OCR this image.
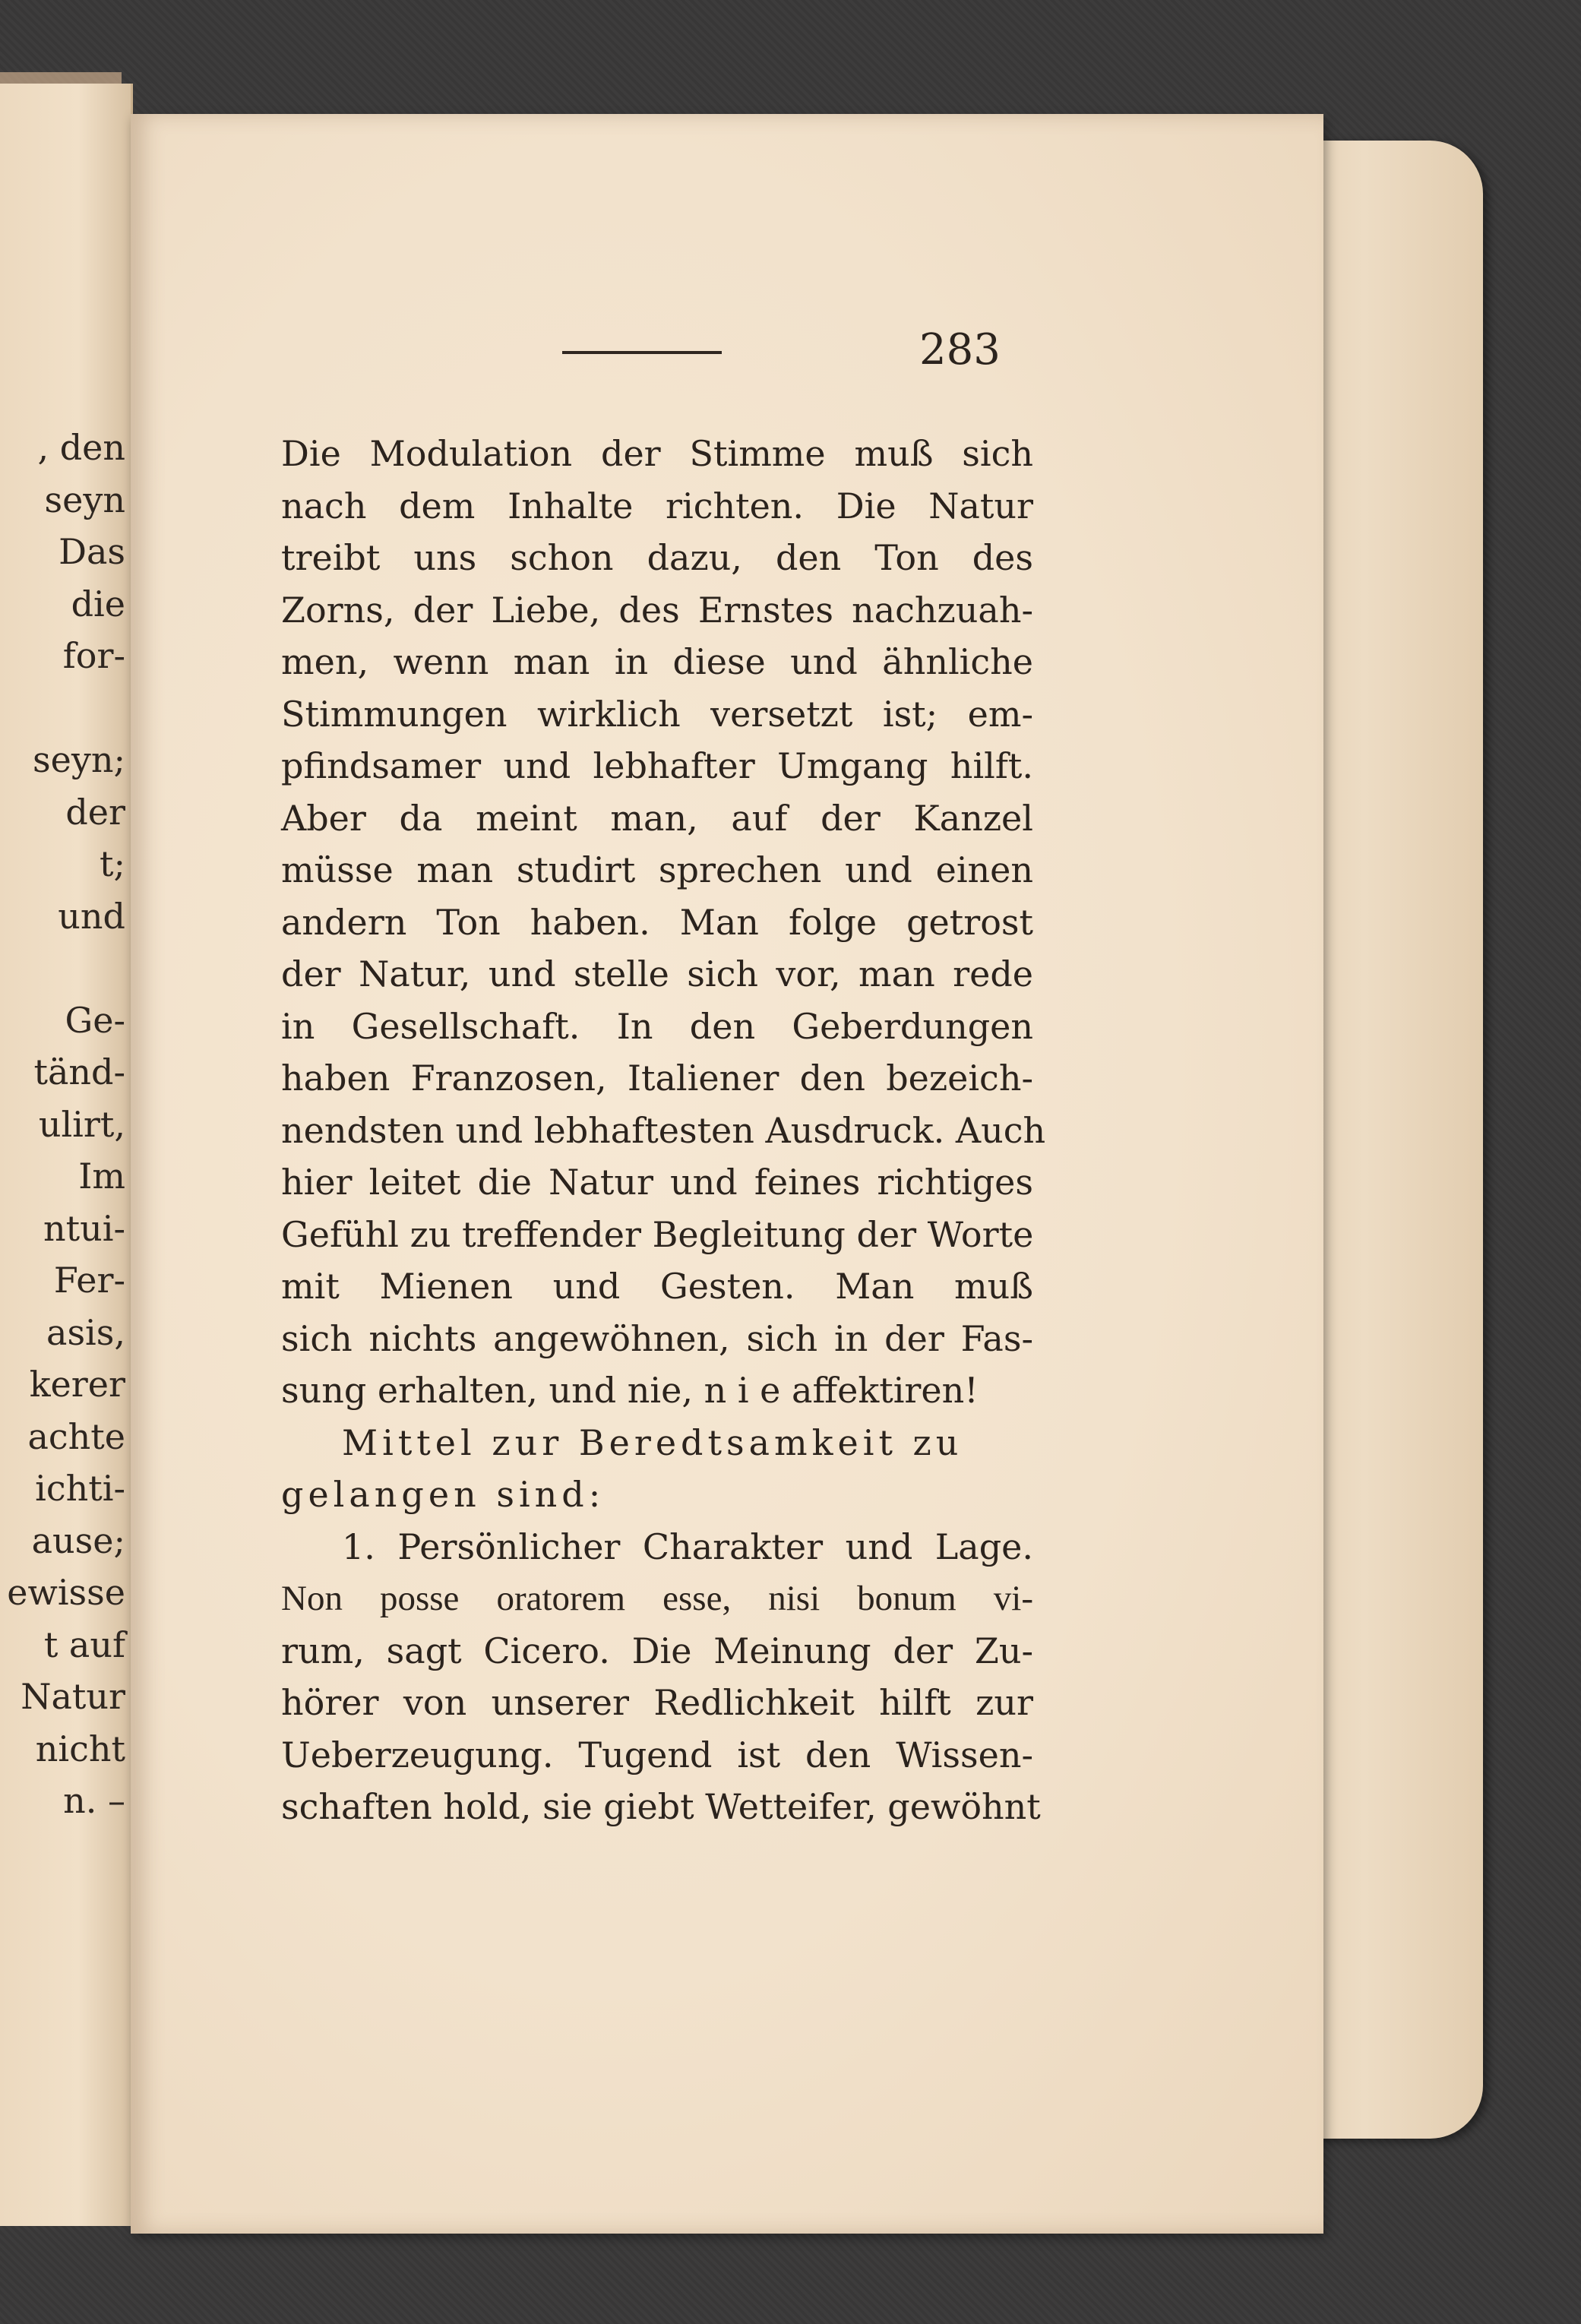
, den
seyn
Das
die
for-
seyn;
der
t;
und
Ge-
tänd-
ulirt,
Im
ntui-
Fer-
asis,
kerer
achte
ichti-
ause;
ewisse
t auf
Natur
nicht
n. –
283
Die Modulation der Stimme muß sich
nach dem Inhalte richten. Die Natur
treibt uns schon dazu, den Ton des
Zorns, der Liebe, des Ernstes nachzuah-
men, wenn man in diese und ähnliche
Stimmungen wirklich versetzt ist; em-
pfindsamer und lebhafter Umgang hilft.
Aber da meint man, auf der Kanzel
müsse man studirt sprechen und einen
andern Ton haben. Man folge getrost
der Natur, und stelle sich vor, man rede
in Gesellschaft. In den Geberdungen
haben Franzosen, Italiener den bezeich-
nendsten und lebhaftesten Ausdruck. Auch
hier leitet die Natur und feines richtiges
Gefühl zu treffender Begleitung der Worte
mit Mienen und Gesten. Man muß
sich nichts angewöhnen, sich in der Fas-
sung erhalten, und nie, n i e affektiren!
Mittel zur Beredtsamkeit zu
gelangen sind:
1. Persönlicher Charakter und Lage.
Non posse oratorem esse, nisi bonum vi-
rum, sagt Cicero. Die Meinung der Zu-
hörer von unserer Redlichkeit hilft zur
Ueberzeugung. Tugend ist den Wissen-
schaften hold, sie giebt Wetteifer, gewöhnt
